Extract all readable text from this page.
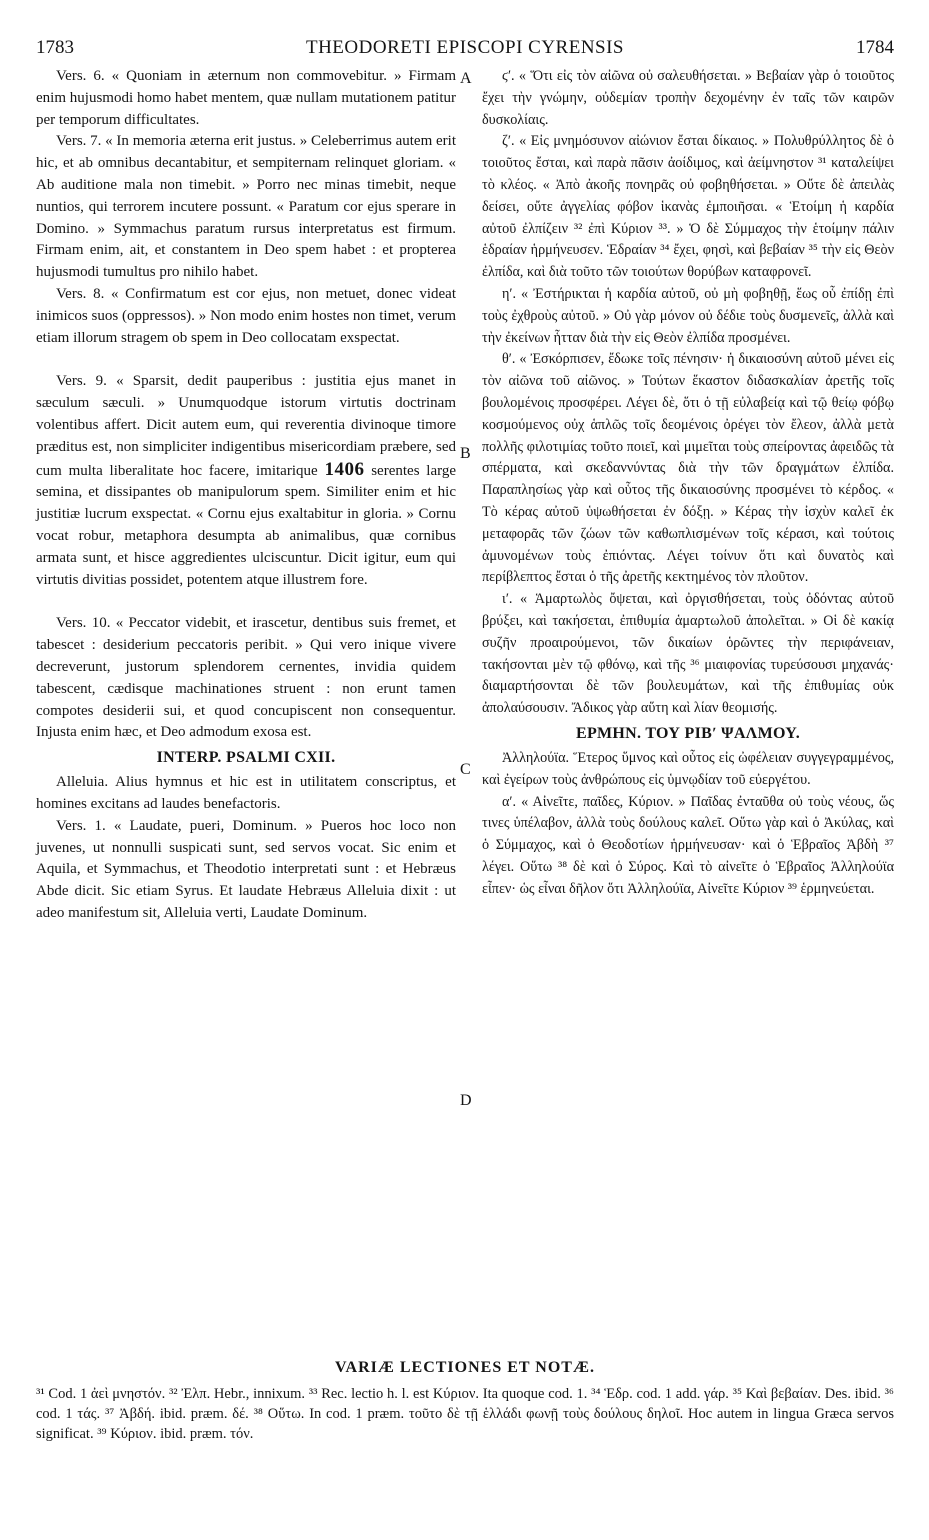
1783	THEODORETI EPISCOPI CYRENSIS	1784

Vers. 6. « Quoniam in æternum non commovebitur. » Firmam enim hujusmodi homo habet mentem, quæ nullam mutationem patitur per temporum difficultates.

Vers. 7. « In memoria æterna erit justus. » Celeberrimus autem erit hic, et ab omnibus decantabitur, et sempiternam relinquet gloriam. « Ab auditione mala non timebit. » Porro nec minas timebit, neque nuntios, qui terrorem incutere possunt. « Paratum cor ejus sperare in Domino. » Symmachus paratum rursus interpretatus est firmum. Firmam enim, ait, et constantem in Deo spem habet : et propterea hujusmodi tumultus pro nihilo habet.

Vers. 8. « Confirmatum est cor ejus, non metuet, donec videat inimicos suos (oppressos). » Non modo enim hostes non timet, verum etiam illorum stragem ob spem in Deo collocatam exspectat.

Vers. 9. « Sparsit, dedit pauperibus : justitia ejus manet in sæculum sæculi. » Unumquodque istorum virtutis doctrinam volentibus affert. Dicit autem eum, qui reverentia divinoque timore præditus est, non simpliciter indigentibus misericordiam præbere, sed cum multa liberalitate hoc facere, imitarique 1406 serentes large semina, et dissipantes ob manipulorum spem. Similiter enim et hic justitiæ lucrum exspectat. « Cornu ejus exaltabitur in gloria. » Cornu vocat robur, metaphora desumpta ab animalibus, quæ cornibus armata sunt, et hisce aggredientes ulciscuntur. Dicit igitur, eum qui virtutis divitias possidet, potentem atque illustrem fore.

Vers. 10. « Peccator videbit, et irascetur, dentibus suis fremet, et tabescet : desiderium peccatoris peribit. » Qui vero inique vivere decreverunt, justorum splendorem cernentes, invidia quidem tabescent, cædisque machinationes struent : non erunt tamen compotes desiderii sui, et quod concupiscent non consequentur. Injusta enim hæc, et Deo admodum exosa est.

INTERP. PSALMI CXII.

Alleluia. Alius hymnus et hic est in utilitatem conscriptus, et homines excitans ad laudes benefactoris.

Vers. 1. « Laudate, pueri, Dominum. » Pueros hoc loco non juvenes, ut nonnulli suspicati sunt, sed servos vocat. Sic enim et Aquila, et Symmachus, et Theodotio interpretati sunt : et Hebræus Abde dicit. Sic etiam Syrus. Et laudate Hebræus Alleluia dixit : ut adeo manifestum sit, Alleluia verti, Laudate Dominum.

A
B
C
D

ϛʹ. « Ὅτι εἰς τὸν αἰῶνα οὐ σαλευθήσεται. » Βεβαίαν γὰρ ὁ τοιοῦτος ἔχει τὴν γνώμην, οὐδεμίαν τροπὴν δεχομένην ἐν ταῖς τῶν καιρῶν δυσκολίαις.

ζʹ. « Εἰς μνημόσυνον αἰώνιον ἔσται δίκαιος. » Πολυθρύλλητος δὲ ὁ τοιοῦτος ἔσται, καὶ παρὰ πᾶσιν ἀοίδιμος, καὶ ἀείμνηστον ³¹ καταλείψει τὸ κλέος. « Ἀπὸ ἀκοῆς πονηρᾶς οὐ φοβηθήσεται. » Οὔτε δὲ ἀπειλὰς δείσει, οὔτε ἀγγελίας φόβον ἱκανὰς ἐμποιῆσαι. « Ἑτοίμη ἡ καρδία αὐτοῦ ἐλπίζειν ³² ἐπὶ Κύριον ³³. » Ὁ δὲ Σύμμαχος τὴν ἑτοίμην πάλιν ἑδραίαν ἡρμήνευσεν. Ἑδραίαν ³⁴ ἔχει, φησὶ, καὶ βεβαίαν ³⁵ τὴν εἰς Θεὸν ἐλπίδα, καὶ διὰ τοῦτο τῶν τοιούτων θορύβων καταφρονεῖ.

ηʹ. « Ἐστήρικται ἡ καρδία αὐτοῦ, οὐ μὴ φοβηθῇ, ἕως οὗ ἐπίδῃ ἐπὶ τοὺς ἐχθροὺς αὐτοῦ. » Οὐ γὰρ μόνον οὐ δέδιε τοὺς δυσμενεῖς, ἀλλὰ καὶ τὴν ἐκείνων ἧτταν διὰ τὴν εἰς Θεὸν ἐλπίδα προσμένει.

θʹ. « Ἐσκόρπισεν, ἔδωκε τοῖς πένησιν· ἡ δικαιοσύνη αὐτοῦ μένει εἰς τὸν αἰῶνα τοῦ αἰῶνος. » Τούτων ἕκαστον διδασκαλίαν ἀρετῆς τοῖς βουλομένοις προσφέρει. Λέγει δὲ, ὅτι ὁ τῇ εὐλαβείᾳ καὶ τῷ θείῳ φόβῳ κοσμούμενος οὐχ ἁπλῶς τοῖς δεομένοις ὀρέγει τὸν ἔλεον, ἀλλὰ μετὰ πολλῆς φιλοτιμίας τοῦτο ποιεῖ, καὶ μιμεῖται τοὺς σπείροντας ἀφειδῶς τὰ σπέρματα, καὶ σκεδαννύντας διὰ τὴν τῶν δραγμάτων ἐλπίδα. Παραπλησίως γὰρ καὶ οὗτος τῆς δικαιοσύνης προσμένει τὸ κέρδος. « Τὸ κέρας αὐτοῦ ὑψωθήσεται ἐν δόξῃ. » Κέρας τὴν ἰσχὺν καλεῖ ἐκ μεταφορᾶς τῶν ζώων τῶν καθωπλισμένων τοῖς κέρασι, καὶ τούτοις ἀμυνομένων τοὺς ἐπιόντας. Λέγει τοίνυν ὅτι καὶ δυνατὸς καὶ περίβλεπτος ἔσται ὁ τῆς ἀρετῆς κεκτημένος τὸν πλοῦτον.

ιʹ. « Ἁμαρτωλὸς ὄψεται, καὶ ὀργισθήσεται, τοὺς ὀδόντας αὐτοῦ βρύξει, καὶ τακήσεται, ἐπιθυμία ἁμαρτωλοῦ ἀπολεῖται. » Οἱ δὲ κακίᾳ συζῆν προαιρούμενοι, τῶν δικαίων ὁρῶντες τὴν περιφάνειαν, τακήσονται μὲν τῷ φθόνῳ, καὶ τῆς ³⁶ μιαιφονίας τυρεύσουσι μηχανάς· διαμαρτήσονται δὲ τῶν βουλευμάτων, καὶ τῆς ἐπιθυμίας οὐκ ἀπολαύσουσιν. Ἄδικος γὰρ αὕτη καὶ λίαν θεομισής.

ΕΡΜΗΝ. ΤΟΥ ΡΙΒʹ ΨΑΛΜΟΥ.

Ἀλληλούϊα. Ἕτερος ὕμνος καὶ οὗτος εἰς ὠφέλειαν συγγεγραμμένος, καὶ ἐγείρων τοὺς ἀνθρώπους εἰς ὑμνῳδίαν τοῦ εὐεργέτου.

αʹ. « Αἰνεῖτε, παῖδες, Κύριον. » Παῖδας ἐνταῦθα οὐ τοὺς νέους, ὥς τινες ὑπέλαβον, ἀλλὰ τοὺς δούλους καλεῖ. Οὕτω γὰρ καὶ ὁ Ἀκύλας, καὶ ὁ Σύμμαχος, καὶ ὁ Θεοδοτίων ἡρμήνευσαν· καὶ ὁ Ἑβραῖος Ἀβδὴ ³⁷ λέγει. Οὕτω ³⁸ δὲ καὶ ὁ Σύρος. Καὶ τὸ αἰνεῖτε ὁ Ἑβραῖος Ἀλληλούϊα εἶπεν· ὡς εἶναι δῆλον ὅτι Ἀλληλούϊα, Αἰνεῖτε Κύριον ³⁹ ἑρμηνεύεται.

VARIÆ LECTIONES ET NOTÆ.

³¹ Cod. 1 ἀεὶ μνηστόν. ³² Ἐλπ. Hebr., innixum. ³³ Rec. lectio h. l. est Κύριον. Ita quoque cod. 1. ³⁴ Ἑδρ. cod. 1 add. γάρ. ³⁵ Καὶ βεβαίαν. Des. ibid. ³⁶ cod. 1 τάς. ³⁷ Ἀβδή. ibid. præm. δέ. ³⁸ Οὕτω. In cod. 1 præm. τοῦτο δὲ τῇ ἑλλάδι φωνῇ τοὺς δούλους δηλοῖ. Hoc autem in lingua Græca servos significat. ³⁹ Κύριον. ibid. præm. τόν.
